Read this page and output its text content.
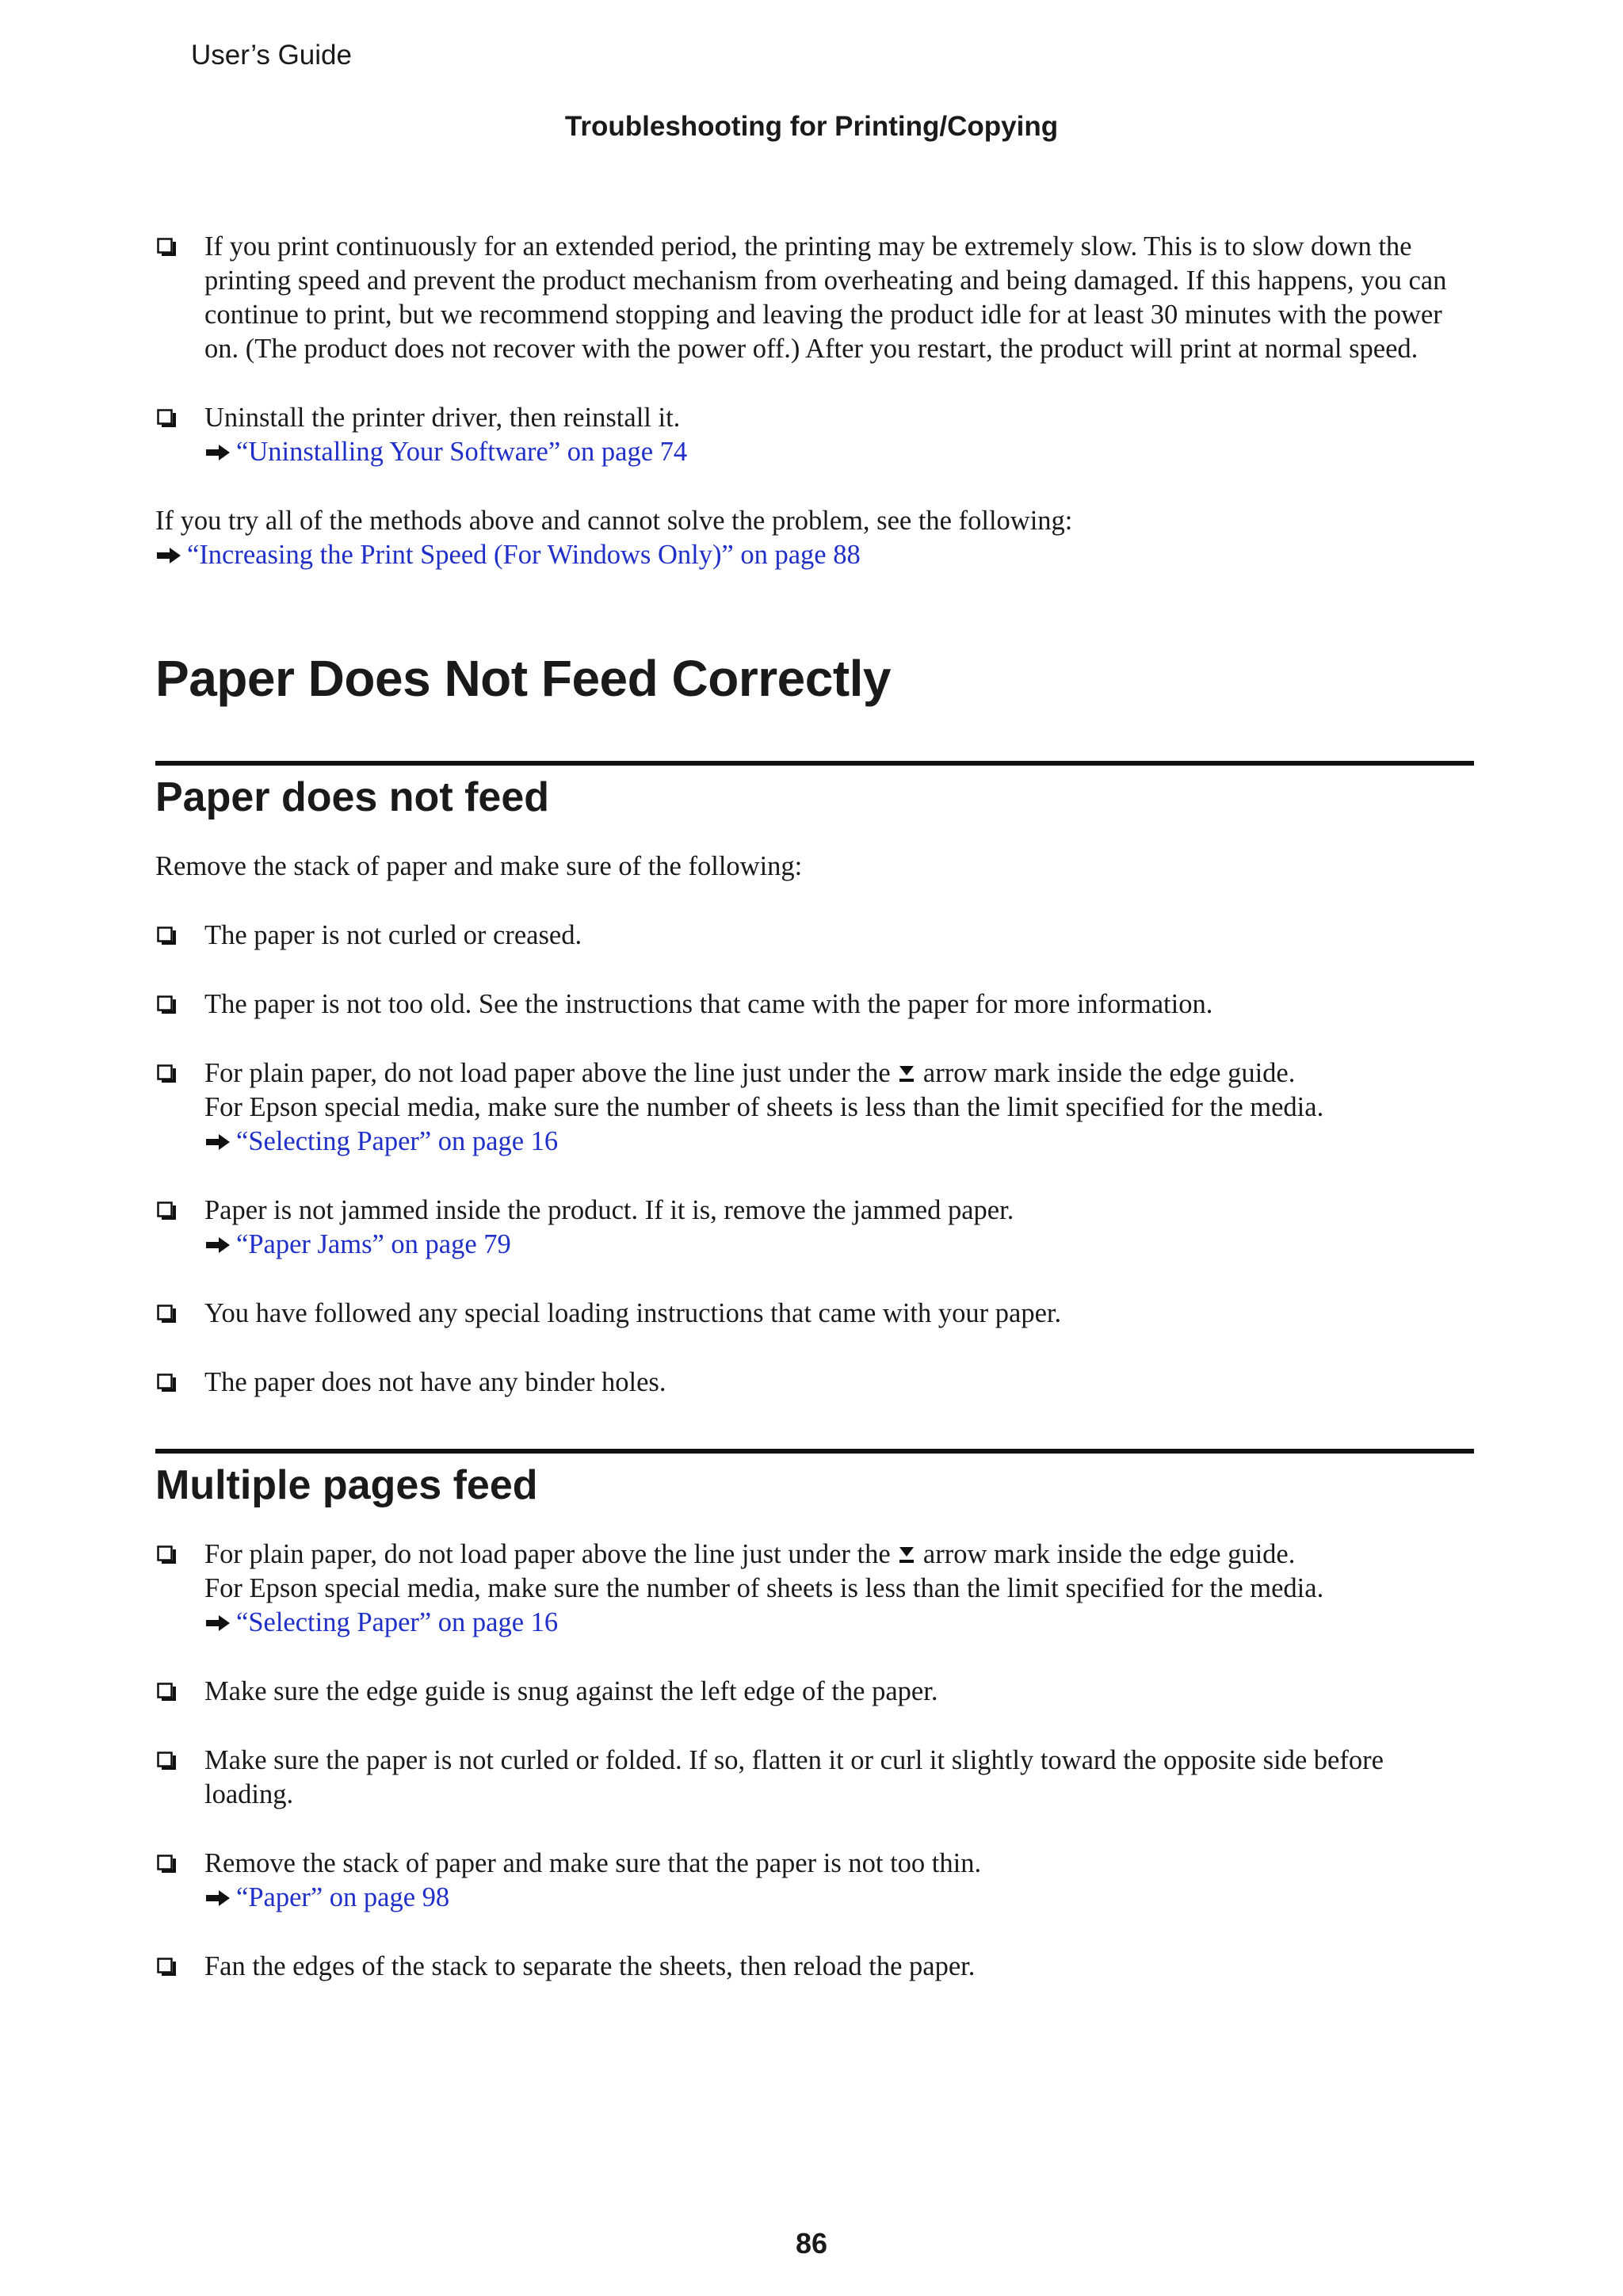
User’s Guide
Troubleshooting for Printing/Copying
If you print continuously for an extended period, the printing may be extremely slow. This is to slow down the printing speed and prevent the product mechanism from overheating and being damaged. If this happens, you can continue to print, but we recommend stopping and leaving the product idle for at least 30 minutes with the power on. (The product does not recover with the power off.) After you restart, the product will print at normal speed.
Uninstall the printer driver, then reinstall it.
“Uninstalling Your Software” on page 74
If you try all of the methods above and cannot solve the problem, see the following:
“Increasing the Print Speed (For Windows Only)” on page 88
Paper Does Not Feed Correctly
Paper does not feed

Remove the stack of paper and make sure of the following:

The paper is not curled or creased.
The paper is not too old. See the instructions that came with the paper for more information.
For plain paper, do not load paper above the line just under the arrow mark inside the edge guide.
For Epson special media, make sure the number of sheets is less than the limit specified for the media.
“Selecting Paper” on page 16
Paper is not jammed inside the product. If it is, remove the jammed paper.
“Paper Jams” on page 79
You have followed any special loading instructions that came with your paper.
The paper does not have any binder holes.
Multiple pages feed
For plain paper, do not load paper above the line just under the arrow mark inside the edge guide.
For Epson special media, make sure the number of sheets is less than the limit specified for the media.
“Selecting Paper” on page 16
Make sure the edge guide is snug against the left edge of the paper.
Make sure the paper is not curled or folded. If so, flatten it or curl it slightly toward the opposite side before loading.
Remove the stack of paper and make sure that the paper is not too thin.
“Paper” on page 98
Fan the edges of the stack to separate the sheets, then reload the paper.
86
